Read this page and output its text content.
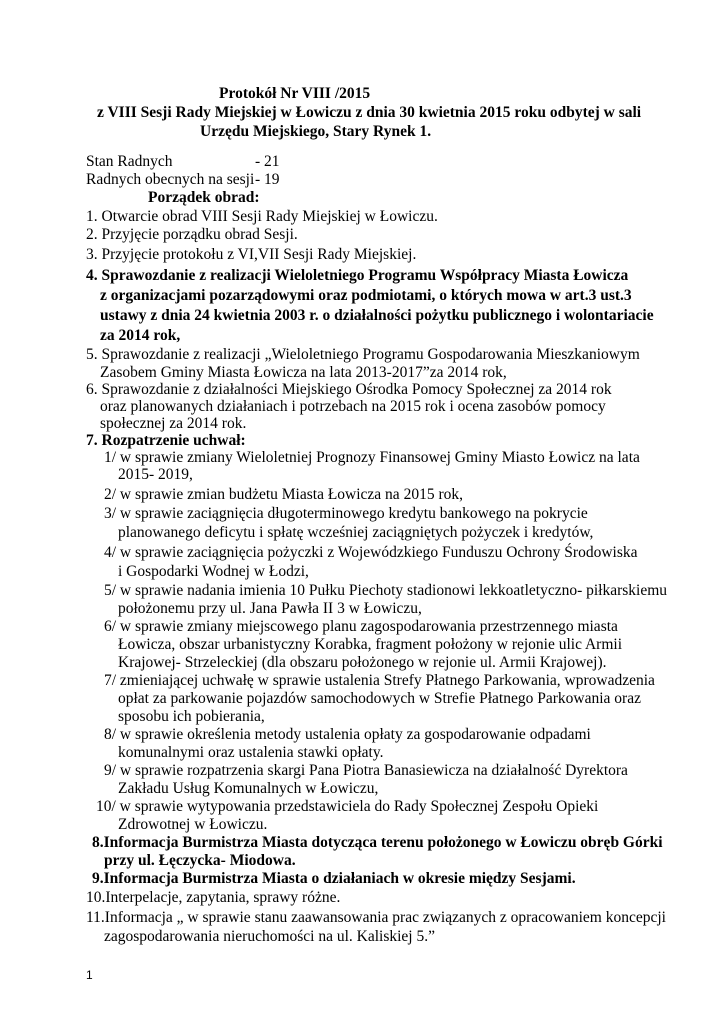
Protokół Nr VIII /2015
z VIII Sesji Rady Miejskiej w Łowiczu z dnia 30 kwietnia 2015 roku odbytej w sali
Urzędu Miejskiego, Stary Rynek 1.
Stan Radnych	- 21
Radnych obecnych na sesji - 19
Porządek obrad:
1. Otwarcie obrad VIII Sesji Rady Miejskiej w Łowiczu.
2. Przyjęcie porządku obrad Sesji.
3. Przyjęcie protokołu z VI,VII Sesji Rady Miejskiej.
4. Sprawozdanie z realizacji Wieloletniego Programu Współpracy Miasta Łowicza
z organizacjami pozarządowymi oraz podmiotami, o których mowa w art.3 ust.3
ustawy z dnia 24 kwietnia 2003 r. o działalności pożytku publicznego i wolontariacie
za 2014 rok,
5. Sprawozdanie z realizacji „Wieloletniego Programu Gospodarowania Mieszkaniowym
Zasobem Gminy Miasta Łowicza na lata 2013-2017”za 2014 rok,
6. Sprawozdanie z działalności Miejskiego Ośrodka Pomocy Społecznej za 2014 rok
oraz planowanych działaniach i potrzebach na 2015 rok i ocena zasobów pomocy
społecznej za 2014 rok.
7. Rozpatrzenie uchwał:
1/ w sprawie zmiany Wieloletniej Prognozy Finansowej Gminy Miasto Łowicz na lata
2015- 2019,
2/ w sprawie zmian budżetu Miasta Łowicza na 2015 rok,
3/ w sprawie zaciągnięcia długoterminowego kredytu bankowego na pokrycie
planowanego deficytu i spłatę wcześniej zaciągniętych pożyczek i kredytów,
4/ w sprawie zaciągnięcia pożyczki z Wojewódzkiego Funduszu Ochrony Środowiska
i Gospodarki Wodnej w Łodzi,
5/ w sprawie nadania imienia 10 Pułku Piechoty stadionowi lekkoatletyczno- piłkarskiemu
położonemu przy ul. Jana Pawła II 3 w Łowiczu,
6/ w sprawie zmiany miejscowego planu zagospodarowania przestrzennego miasta
Łowicza, obszar urbanistyczny Korabka, fragment położony w rejonie ulic Armii
Krajowej- Strzeleckiej (dla obszaru położonego w rejonie ul. Armii Krajowej).
7/ zmieniającej uchwałę w sprawie ustalenia Strefy Płatnego Parkowania, wprowadzenia
opłat za parkowanie pojazdów samochodowych w Strefie Płatnego Parkowania oraz
sposobu ich pobierania,
8/ w sprawie określenia metody ustalenia opłaty za gospodarowanie odpadami
komunalnymi oraz ustalenia stawki opłaty.
9/ w sprawie rozpatrzenia skargi Pana Piotra Banasiewicza na działalność Dyrektora
Zakładu Usług Komunalnych w Łowiczu,
10/ w sprawie wytypowania przedstawiciela do Rady Społecznej Zespołu Opieki
Zdrowotnej w Łowiczu.
8.Informacja Burmistrza Miasta dotycząca terenu położonego w Łowiczu obręb Górki
przy ul. Łęczycka- Miodowa.
9.Informacja Burmistrza Miasta o działaniach w okresie między Sesjami.
10.Interpelacje, zapytania, sprawy różne.
11.Informacja „ w sprawie stanu zaawansowania prac związanych z opracowaniem koncepcji
zagospodarowania nieruchomości na ul. Kaliskiej 5.”
1
